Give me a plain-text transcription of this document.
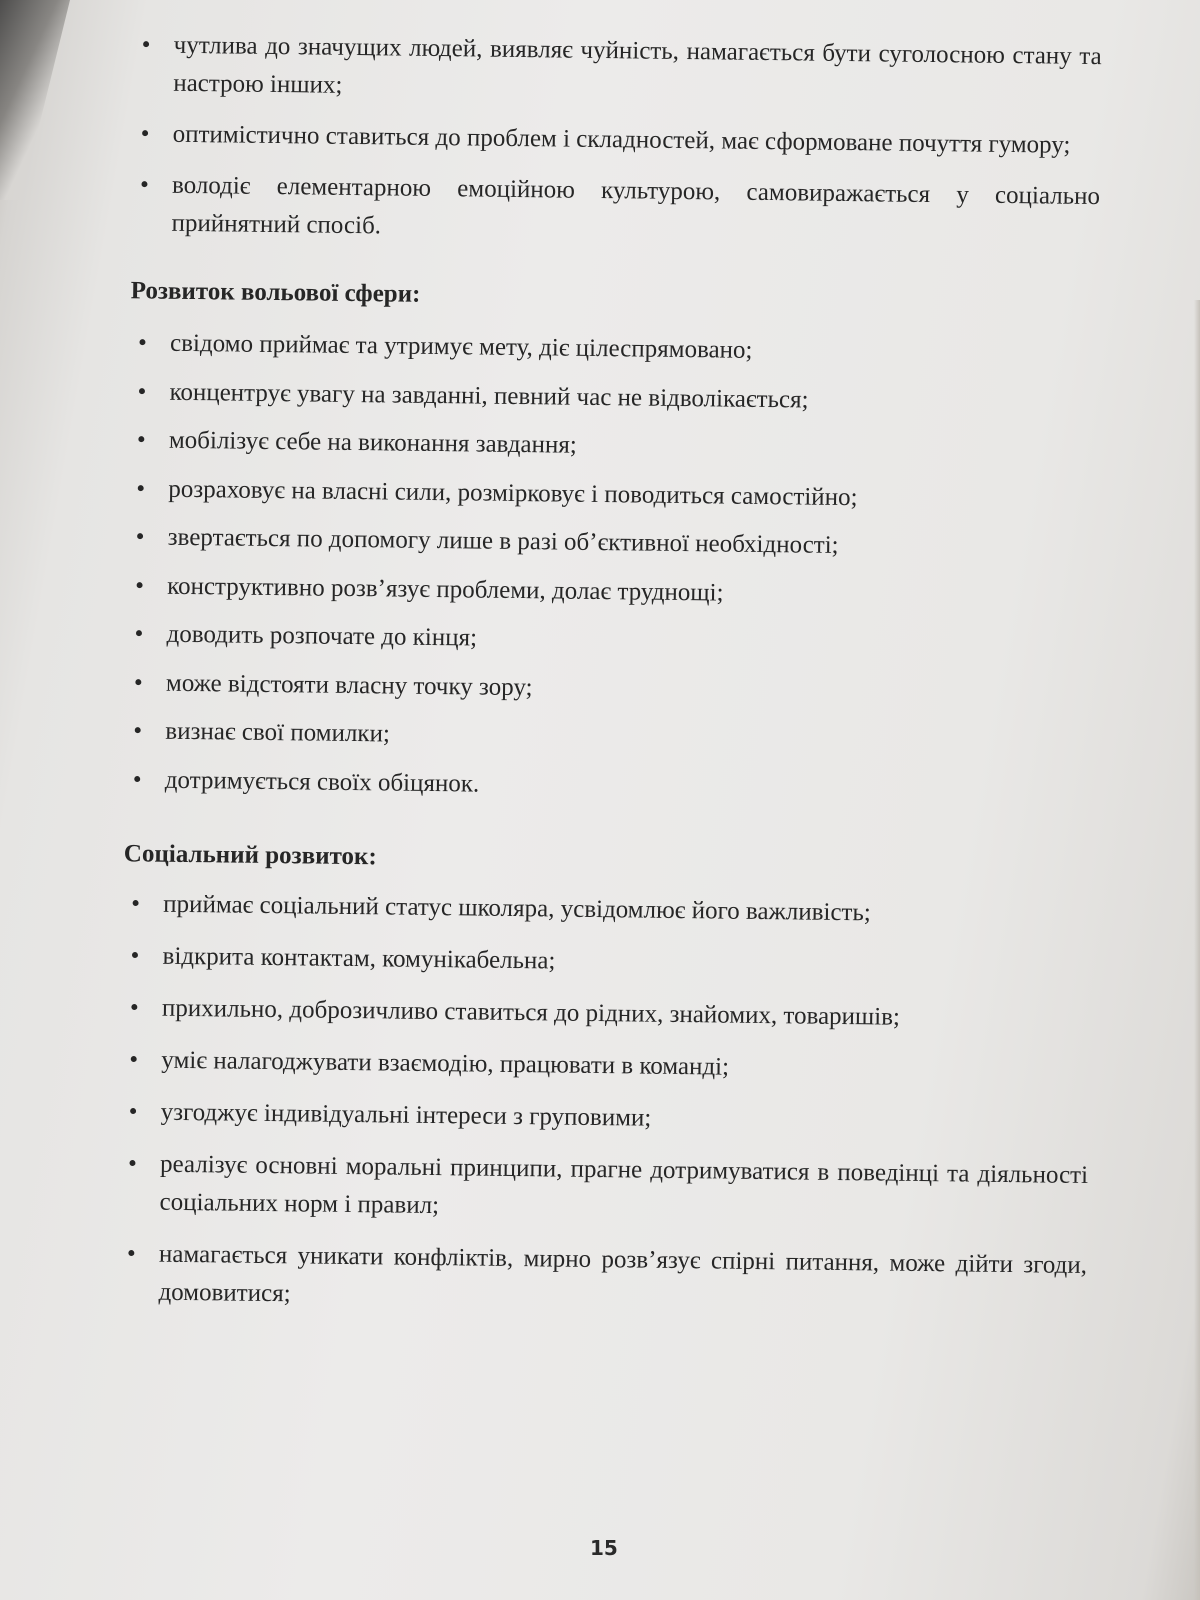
• чутлива до значущих людей, виявляє чуйність, намагається бути суголосною стану та настрою інших;
• оптимістично ставиться до проблем і складностей, має сформоване почуття гумору;
• володіє елементарною емоційною культурою, самовиражається у соціально прийнятний спосіб.

Розвиток вольової сфери:

• свідомо приймає та утримує мету, діє цілеспрямовано;
• концентрує увагу на завданні, певний час не відволікається;
• мобілізує себе на виконання завдання;
• розраховує на власні сили, розмірковує і поводиться самостійно;
• звертається по допомогу лише в разі об’єктивної необхідності;
• конструктивно розв’язує проблеми, долає труднощі;
• доводить розпочате до кінця;
• може відстояти власну точку зору;
• визнає свої помилки;
• дотримується своїх обіцянок.

Соціальний розвиток:

• приймає соціальний статус школяра, усвідомлює його важливість;
• відкрита контактам, комунікабельна;
• прихильно, доброзичливо ставиться до рідних, знайомих, товаришів;
• уміє налагоджувати взаємодію, працювати в команді;
• узгоджує індивідуальні інтереси з груповими;
• реалізує основні моральні принципи, прагне дотримуватися в поведінці та діяльності соціальних норм і правил;
• намагається уникати конфліктів, мирно розв’язує спірні питання, може дійти згоди, домовитися;
15
